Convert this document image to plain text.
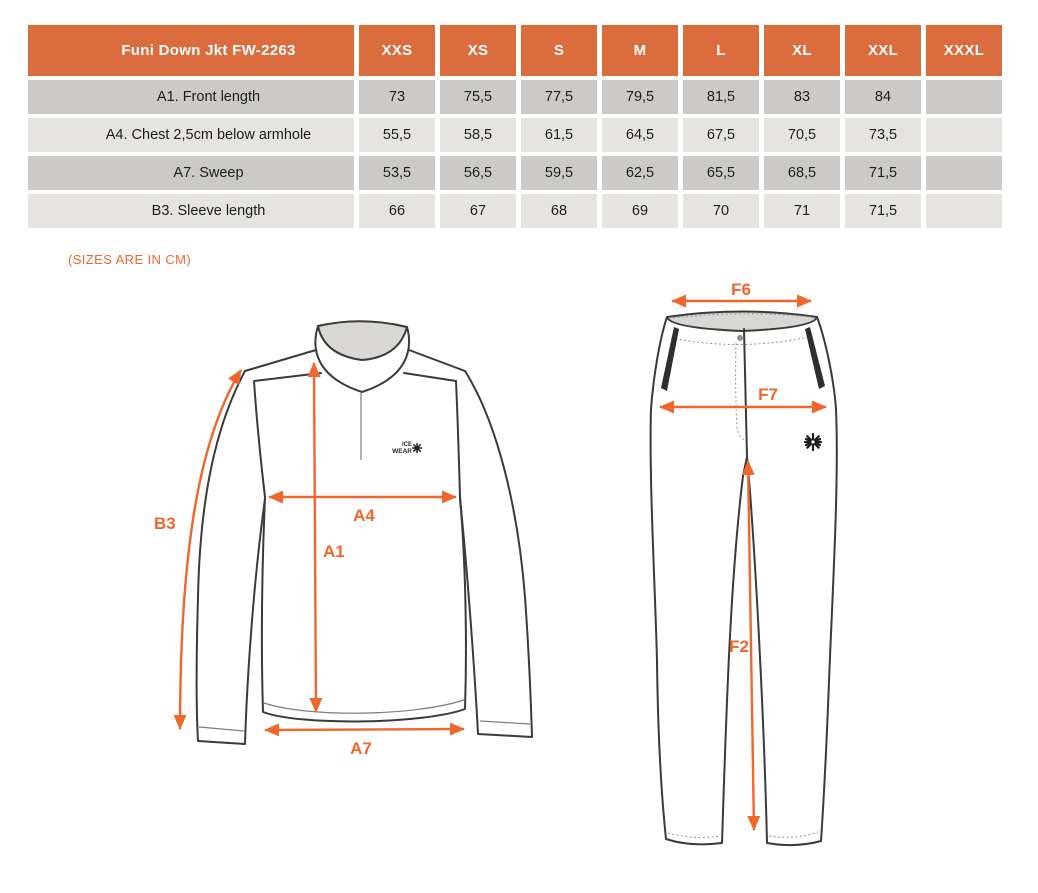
Funi Down Jkt FW-2263	XXS	XS	S	M	L	XL	XXL	XXXL
A1. Front length	73	75,5	77,5	79,5	81,5	83	84	
A4. Chest 2,5cm below armhole	55,5	58,5	61,5	64,5	67,5	70,5	73,5	
A7. Sweep	53,5	56,5	59,5	62,5	65,5	68,5	71,5	
B3. Sleeve length	66	67	68	69	70	71	71,5	
(SIZES ARE IN CM)
ICE
WEAR
B3	A4
A1
A7
F6
F7
F2
